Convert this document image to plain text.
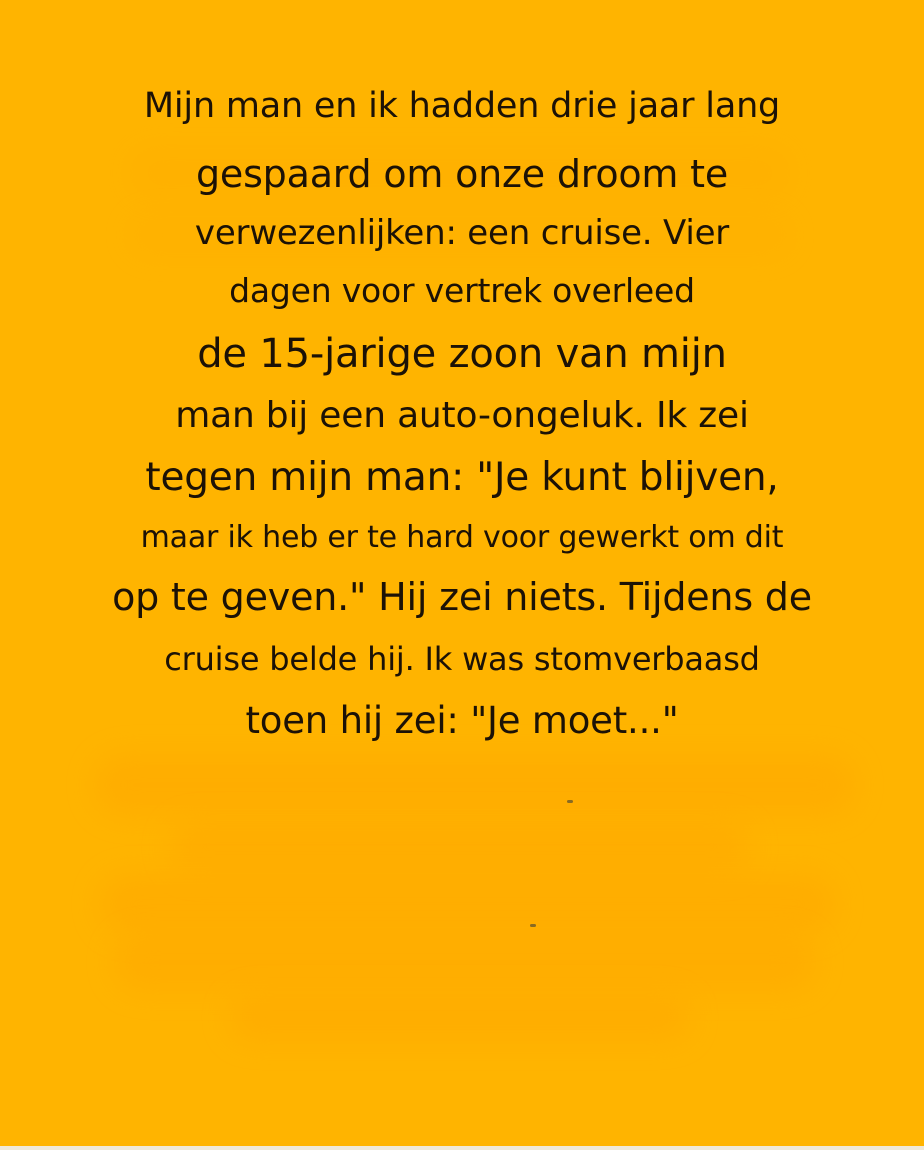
Mijn man en ik hadden drie jaar lang
gespaard om onze droom te
verwezenlijken: een cruise. Vier
dagen voor vertrek overleed
de 15-jarige zoon van mijn
man bij een auto-ongeluk. Ik zei
tegen mijn man: "Je kunt blijven,
maar ik heb er te hard voor gewerkt om dit
op te geven." Hij zei niets. Tijdens de
cruise belde hij. Ik was stomverbaasd
toen hij zei: "Je moet..."
